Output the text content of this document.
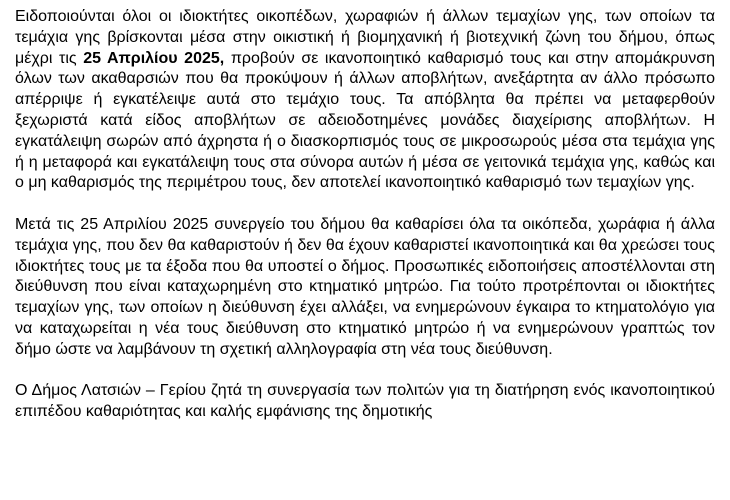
Ειδοποιούνται όλοι οι ιδιοκτήτες οικοπέδων, χωραφιών ή άλλων τεμαχίων γης, των οποίων τα τεμάχια γης βρίσκονται μέσα στην οικιστική ή βιομηχανική ή βιοτεχνική ζώνη του δήμου, όπως μέχρι τις 25 Απριλίου 2025, προβούν σε ικανοποιητικό καθαρισμό τους και στην απομάκρυνση όλων των ακαθαρσιών που θα προκύψουν ή άλλων αποβλήτων, ανεξάρτητα αν άλλο πρόσωπο απέρριψε ή εγκατέλειψε αυτά στο τεμάχιο τους. Τα απόβλητα θα πρέπει να μεταφερθούν ξεχωριστά κατά είδος αποβλήτων σε αδειοδοτημένες μονάδες διαχείρισης αποβλήτων. Η εγκατάλειψη σωρών από άχρηστα ή ο διασκορπισμός τους σε μικροσωρούς μέσα στα τεμάχια γης ή η μεταφορά και εγκατάλειψη τους στα σύνορα αυτών ή μέσα σε γειτονικά τεμάχια γης, καθώς και ο μη καθαρισμός της περιμέτρου τους, δεν αποτελεί ικανοποιητικό καθαρισμό των τεμαχίων γης.

Μετά τις 25 Απριλίου 2025 συνεργείο του δήμου θα καθαρίσει όλα τα οικόπεδα, χωράφια ή άλλα τεμάχια γης, που δεν θα καθαριστούν ή δεν θα έχουν καθαριστεί ικανοποιητικά και θα χρεώσει τους ιδιοκτήτες τους με τα έξοδα που θα υποστεί ο δήμος. Προσωπικές ειδοποιήσεις αποστέλλονται στη διεύθυνση που είναι καταχωρημένη στο κτηματικό μητρώο. Για τούτο προτρέπονται οι ιδιοκτήτες τεμαχίων γης, των οποίων η διεύθυνση έχει αλλάξει, να ενημερώνουν έγκαιρα το κτηματολόγιο για να καταχωρείται η νέα τους διεύθυνση στο κτηματικό μητρώο ή να ενημερώνουν γραπτώς τον δήμο ώστε να λαμβάνουν τη σχετική αλληλογραφία στη νέα τους διεύθυνση.

Ο Δήμος Λατσιών – Γερίου ζητά τη συνεργασία των πολιτών για τη διατήρηση ενός ικανοποιητικού επιπέδου καθαριότητας και καλής εμφάνισης της δημοτικής
